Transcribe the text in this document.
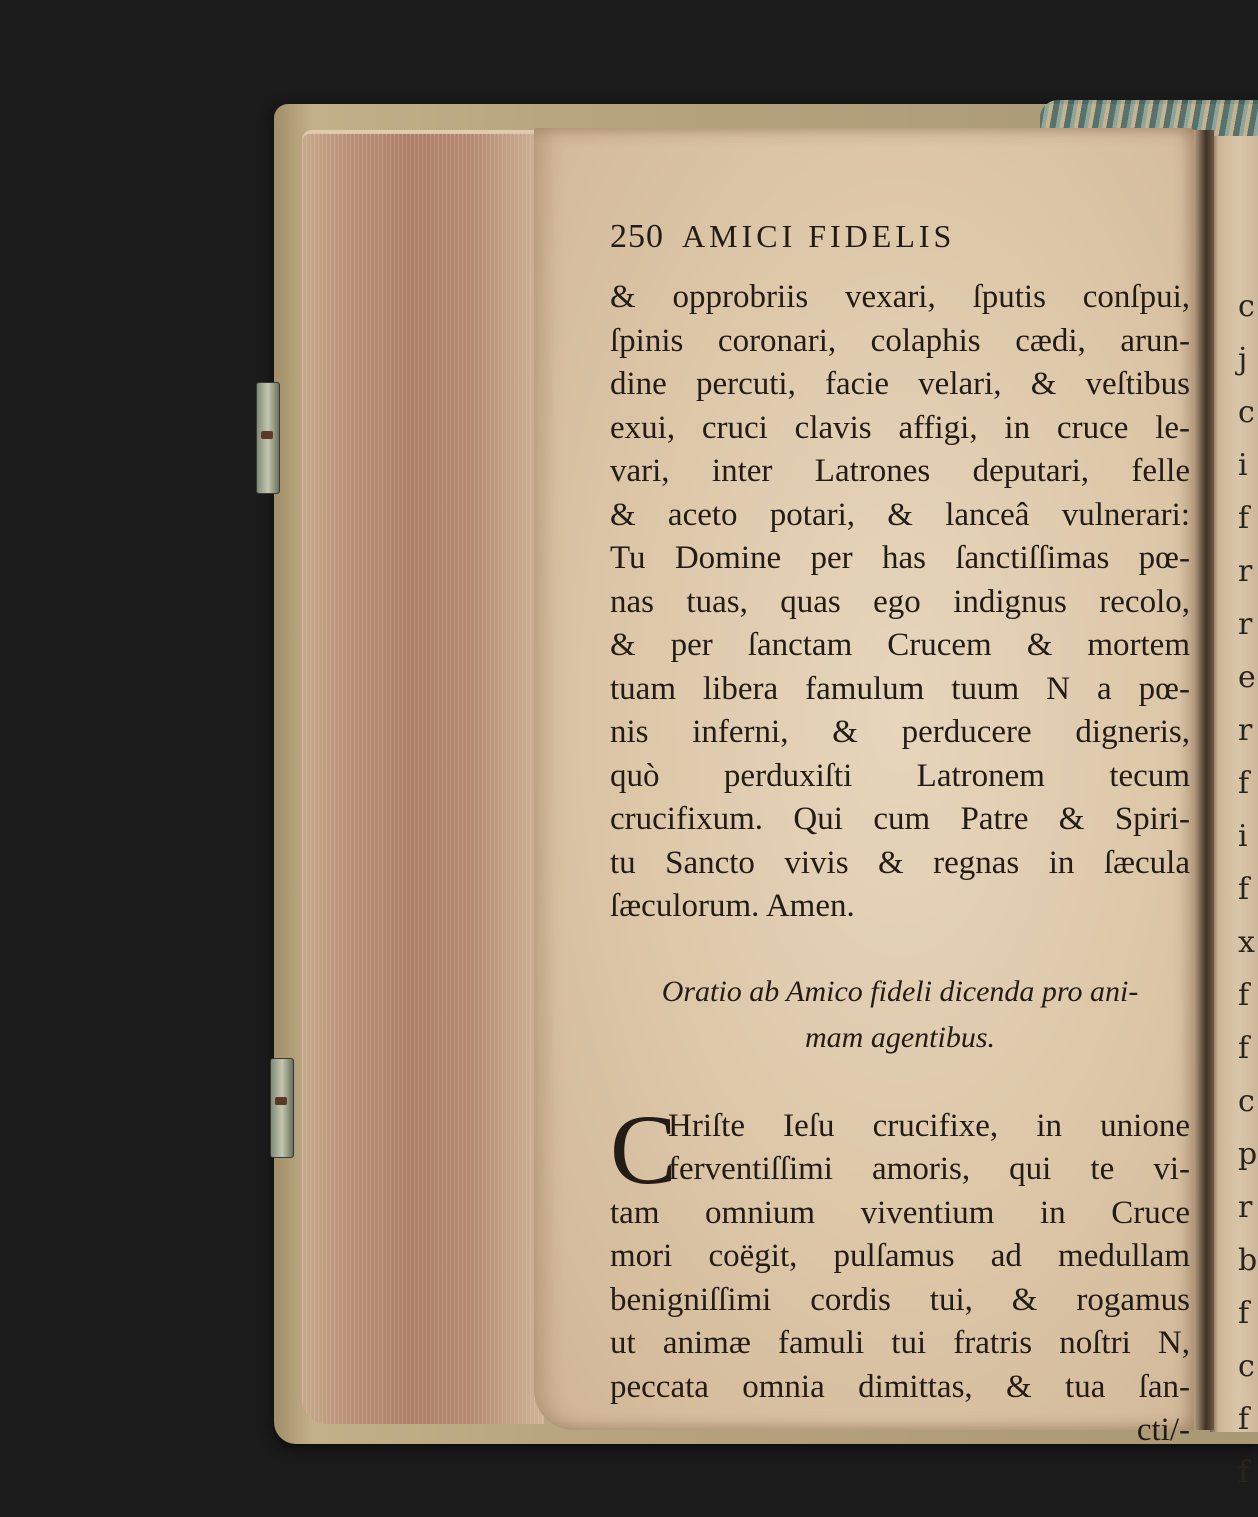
c
j
c
i
f
r
r
e
r
f
i
f
x
f
f
c
p
r
b
f
c
f
f
250 AMICI FIDELIS
& opprobriis vexari, ſputis conſpui,
ſpinis coronari, colaphis cædi, arun-
dine percuti, facie velari, & veſtibus
exui, cruci clavis affigi, in cruce le-
vari, inter Latrones deputari, felle
& aceto potari, & lanceâ vulnerari:
Tu Domine per has ſanctiſſimas pœ-
nas tuas, quas ego indignus recolo,
& per ſanctam Crucem & mortem
tuam libera famulum tuum N a pœ-
nis inferni, & perducere digneris,
quò perduxiſti Latronem tecum
crucifixum. Qui cum Patre & Spiri-
tu Sancto vivis & regnas in ſæcula
ſæculorum. Amen.
Oratio ab Amico fideli dicenda pro ani-
mam agentibus.
C
Hriſte Ieſu crucifixe, in unione
ferventiſſimi amoris, qui te vi-
tam omnium viventium in Cruce
mori coëgit, pulſamus ad medullam
benigniſſimi cordis tui, & rogamus
ut animæ famuli tui fratris noſtri N,
peccata omnia dimittas, & tua ſan-
cti/-
